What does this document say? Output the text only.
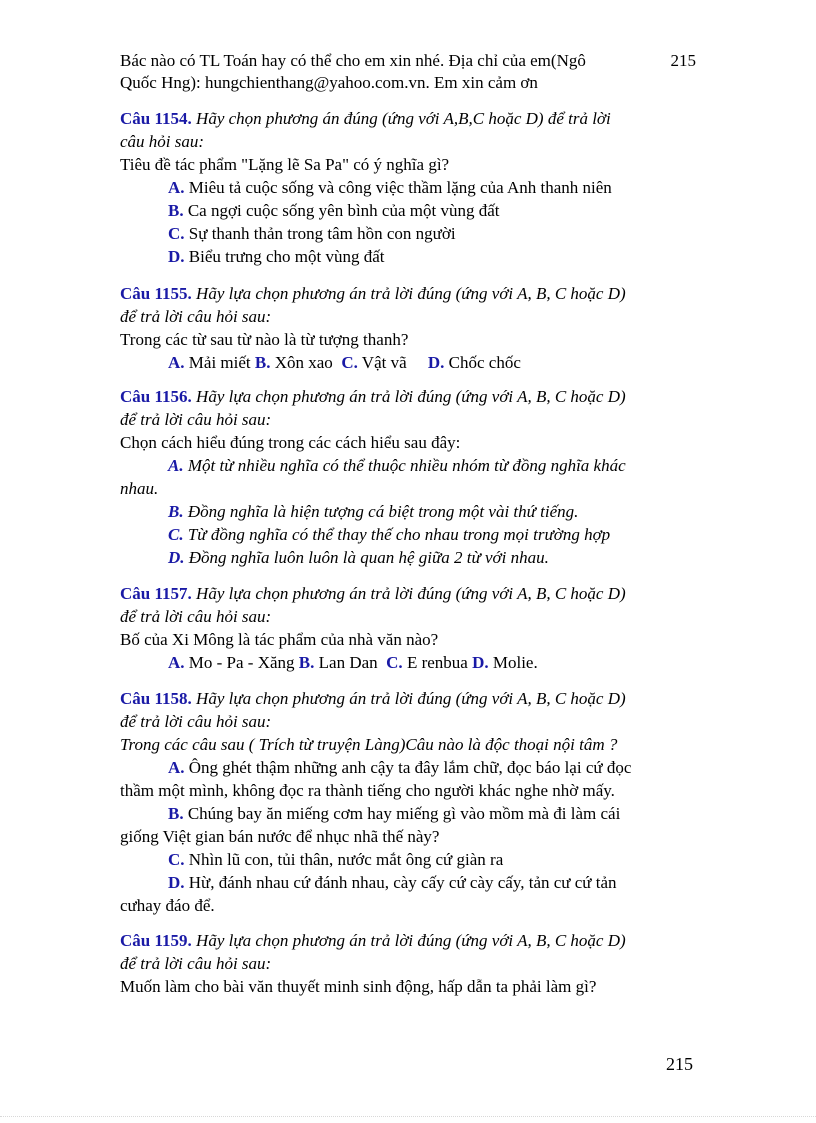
Bác nào có TL Toán hay có thể cho em xin nhé. Địa chỉ của em(Ngô
Quốc Hng): hungchienthang@yahoo.com.vn. Em xin cảm ơn
215
Câu 1154. Hãy chọn phương án đúng (ứng với A,B,C hoặc D) để trả lời
câu hỏi sau:
Tiêu đề tác phẩm "Lặng lẽ Sa Pa" có ý nghĩa gì?
A. Miêu tả cuộc sống và công việc thầm lặng của Anh thanh niên
B. Ca ngợi cuộc sống yên bình của một vùng đất
C. Sự thanh thản trong tâm hồn con người
D. Biểu trưng cho một vùng đất
Câu 1155. Hãy lựa chọn phương án trả lời đúng (ứng với A, B, C hoặc D)
để trả lời câu hỏi sau:
Trong các từ sau từ nào là từ tượng thanh?
A. Mải miết B. Xôn xao  C. Vật vã     D. Chốc chốc
Câu 1156. Hãy lựa chọn phương án trả lời đúng (ứng với A, B, C hoặc D)
để trả lời câu hỏi sau:
Chọn cách hiểu đúng trong các cách hiểu sau đây:
A. Một từ nhiều nghĩa có thể thuộc nhiều nhóm từ đồng nghĩa khác
nhau.
B. Đồng nghĩa là hiện tượng cá biệt trong một vài thứ tiếng.
C. Từ đồng nghĩa có thể thay thế cho nhau trong mọi trường hợp
D. Đồng nghĩa luôn luôn là quan hệ giữa 2 từ với nhau.
Câu 1157. Hãy lựa chọn phương án trả lời đúng (ứng với A, B, C hoặc D)
để trả lời câu hỏi sau:
Bố của Xi Mông là tác phẩm của nhà văn nào?
A. Mo - Pa - Xăng B. Lan Dan  C. E renbua D. Molie.
Câu 1158. Hãy lựa chọn phương án trả lời đúng (ứng với A, B, C hoặc D)
để trả lời câu hỏi sau:
Trong các câu sau ( Trích từ truyện Làng)Câu nào là độc thoại nội tâm ?
A. Ông ghét thậm những anh cậy ta đây lắm chữ, đọc báo lại cứ đọc
thầm một mình, không đọc ra thành tiếng cho người khác nghe nhờ mấy.
B. Chúng bay ăn miếng cơm hay miếng gì vào mồm mà đi làm cái
giống Việt gian bán nước để nhục nhã thế này?
C. Nhìn lũ con, tủi thân, nước mắt ông cứ giàn ra
D. Hừ, đánh nhau cứ đánh nhau, cày cấy cứ cày cấy, tản cư cứ tản
cưhay đáo để.
Câu 1159. Hãy lựa chọn phương án trả lời đúng (ứng với A, B, C hoặc D)
để trả lời câu hỏi sau:
Muốn làm cho bài văn thuyết minh sinh động, hấp dẫn ta phải làm gì?
215
